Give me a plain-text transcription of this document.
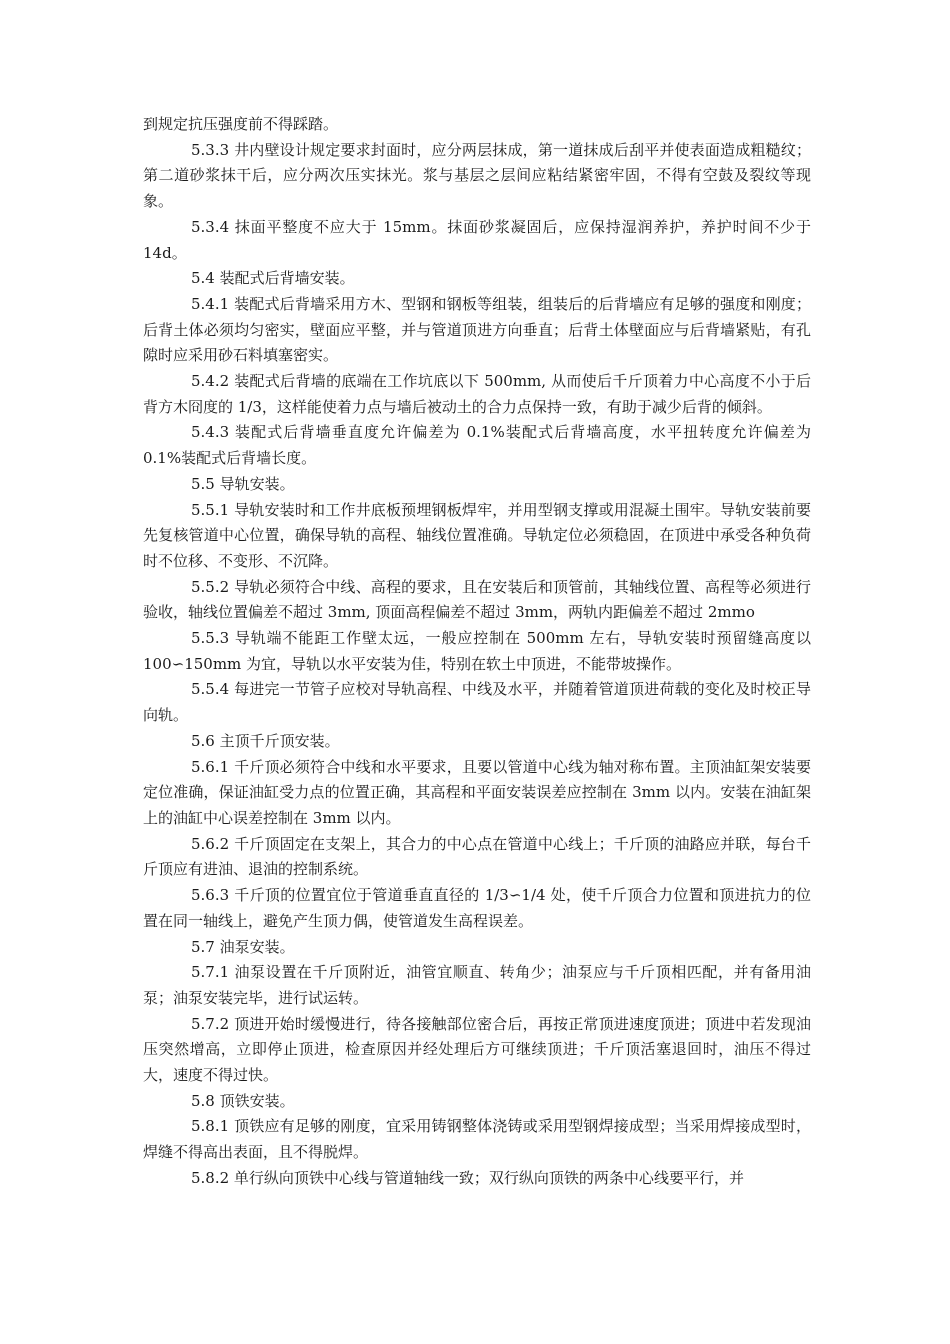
到规定抗压强度前不得踩踏。

5.3.3 井内壁设计规定要求封面时，应分两层抹成，第一道抹成后刮平并使表面造成粗糙纹；第二道砂浆抹干后，应分两次压实抹光。浆与基层之层间应粘结紧密牢固，不得有空鼓及裂纹等现象。

5.3.4 抹面平整度不应大于 15mm。抹面砂浆凝固后，应保持湿润养护，养护时间不少于 14d。

5.4 装配式后背墙安装。

5.4.1 装配式后背墙采用方木、型钢和钢板等组装，组装后的后背墙应有足够的强度和刚度；后背土体必须均匀密实，壁面应平整，并与管道顶进方向垂直；后背土体壁面应与后背墙紧贴，有孔隙时应采用砂石料填塞密实。

5.4.2 装配式后背墙的底端在工作坑底以下 500mm, 从而使后千斤顶着力中心高度不小于后背方木冏度的 1/3，这样能使着力点与墙后被动土的合力点保持一致，有助于减少后背的倾斜。

5.4.3 装配式后背墙垂直度允许偏差为 0.1%装配式后背墙高度，水平扭转度允许偏差为 0.1%装配式后背墙长度。

5.5 导轨安装。

5.5.1 导轨安装时和工作井底板预埋钢板焊牢，并用型钢支撑或用混凝土围牢。导轨安装前要先复核管道中心位置，确保导轨的高程、轴线位置准确。导轨定位必须稳固，在顶进中承受各种负荷时不位移、不变形、不沉降。

5.5.2 导轨必须符合中线、高程的要求，且在安装后和顶管前，其轴线位置、高程等必须进行验收，轴线位置偏差不超过 3mm, 顶面高程偏差不超过 3mm，两轨内距偏差不超过 2mmo

5.5.3 导轨端不能距工作壁太远，一般应控制在 500mm 左右，导轨安装时预留缝高度以 100∽150mm 为宜，导轨以水平安装为佳，特别在软土中顶进，不能带坡操作。

5.5.4 每进完一节管子应校对导轨高程、中线及水平，并随着管道顶进荷载的变化及时校正导向轨。

5.6 主顶千斤顶安装。

5.6.1 千斤顶必须符合中线和水平要求，且要以管道中心线为轴对称布置。主顶油缸架安装要定位准确，保证油缸受力点的位置正确，其高程和平面安装误差应控制在 3mm 以内。安装在油缸架上的油缸中心误差控制在 3mm 以内。

5.6.2 千斤顶固定在支架上，其合力的中心点在管道中心线上；千斤顶的油路应并联，每台千斤顶应有进油、退油的控制系统。

5.6.3 千斤顶的位置宜位于管道垂直直径的 1/3∽1/4 处，使千斤顶合力位置和顶进抗力的位置在同一轴线上，避免产生顶力偶，使管道发生高程误差。

5.7 油泵安装。

5.7.1 油泵设置在千斤顶附近，油管宜顺直、转角少；油泵应与千斤顶相匹配，并有备用油泵；油泵安装完毕，进行试运转。

5.7.2 顶进开始时缓慢进行，待各接触部位密合后，再按正常顶进速度顶进；顶进中若发现油压突然增高，立即停止顶进，检查原因并经处理后方可继续顶进；千斤顶活塞退回时，油压不得过大，速度不得过快。

5.8 顶铁安装。

5.8.1 顶铁应有足够的刚度，宜采用铸钢整体浇铸或采用型钢焊接成型；当采用焊接成型时，焊缝不得高出表面，且不得脱焊。

5.8.2 单行纵向顶铁中心线与管道轴线一致；双行纵向顶铁的两条中心线要平行，并
